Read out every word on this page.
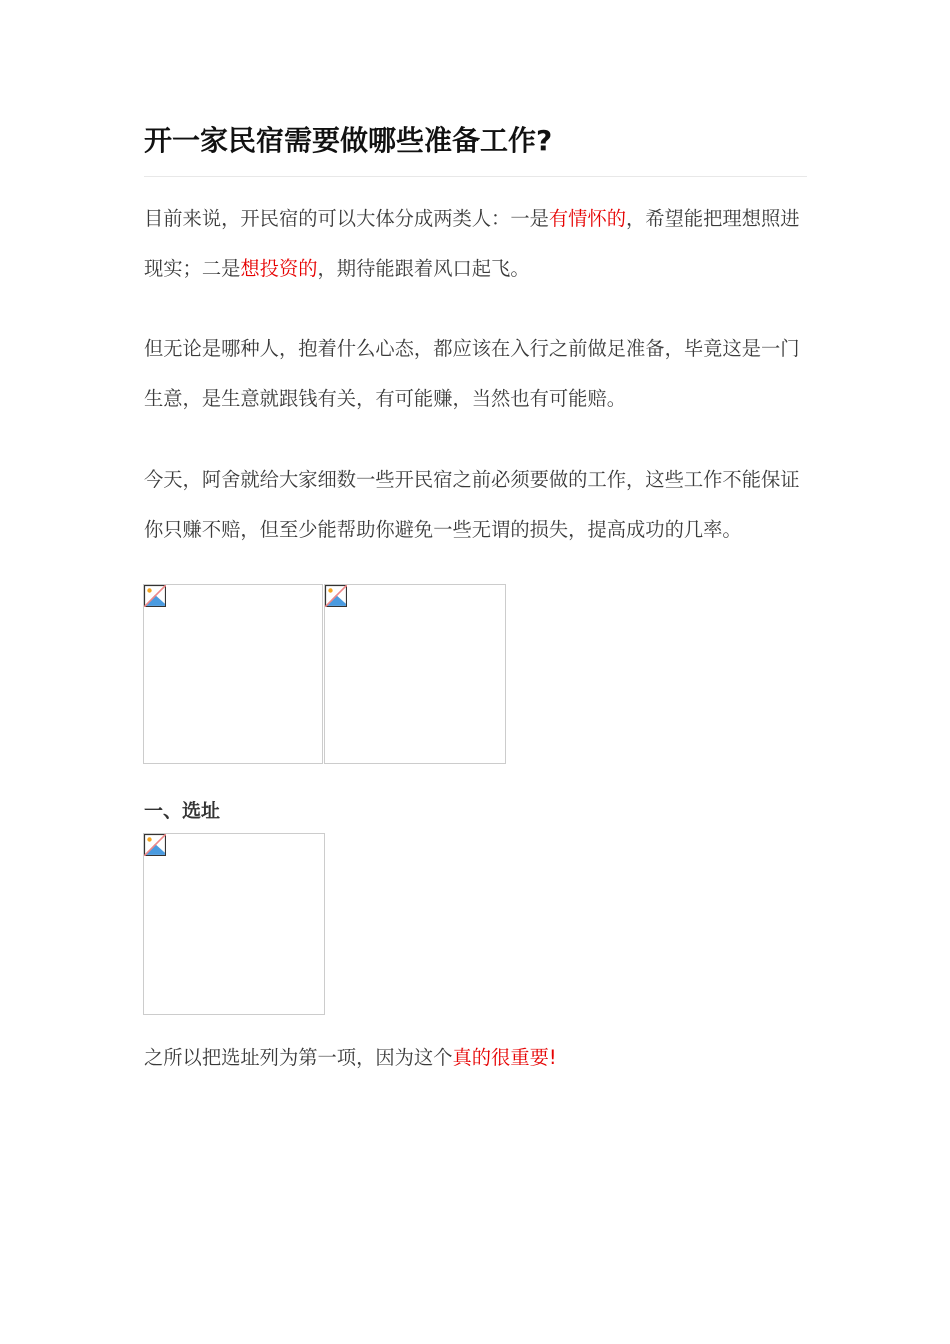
开一家民宿需要做哪些准备工作?

目前来说，开民宿的可以大体分成两类人：一是有情怀的，希望能把理想照进现实；二是想投资的，期待能跟着风口起飞。

但无论是哪种人，抱着什么心态，都应该在入行之前做足准备，毕竟这是一门生意，是生意就跟钱有关，有可能赚，当然也有可能赔。

今天，阿舍就给大家细数一些开民宿之前必须要做的工作，这些工作不能保证你只赚不赔，但至少能帮助你避免一些无谓的损失，提高成功的几率。

一、选址

之所以把选址列为第一项，因为这个真的很重要!
